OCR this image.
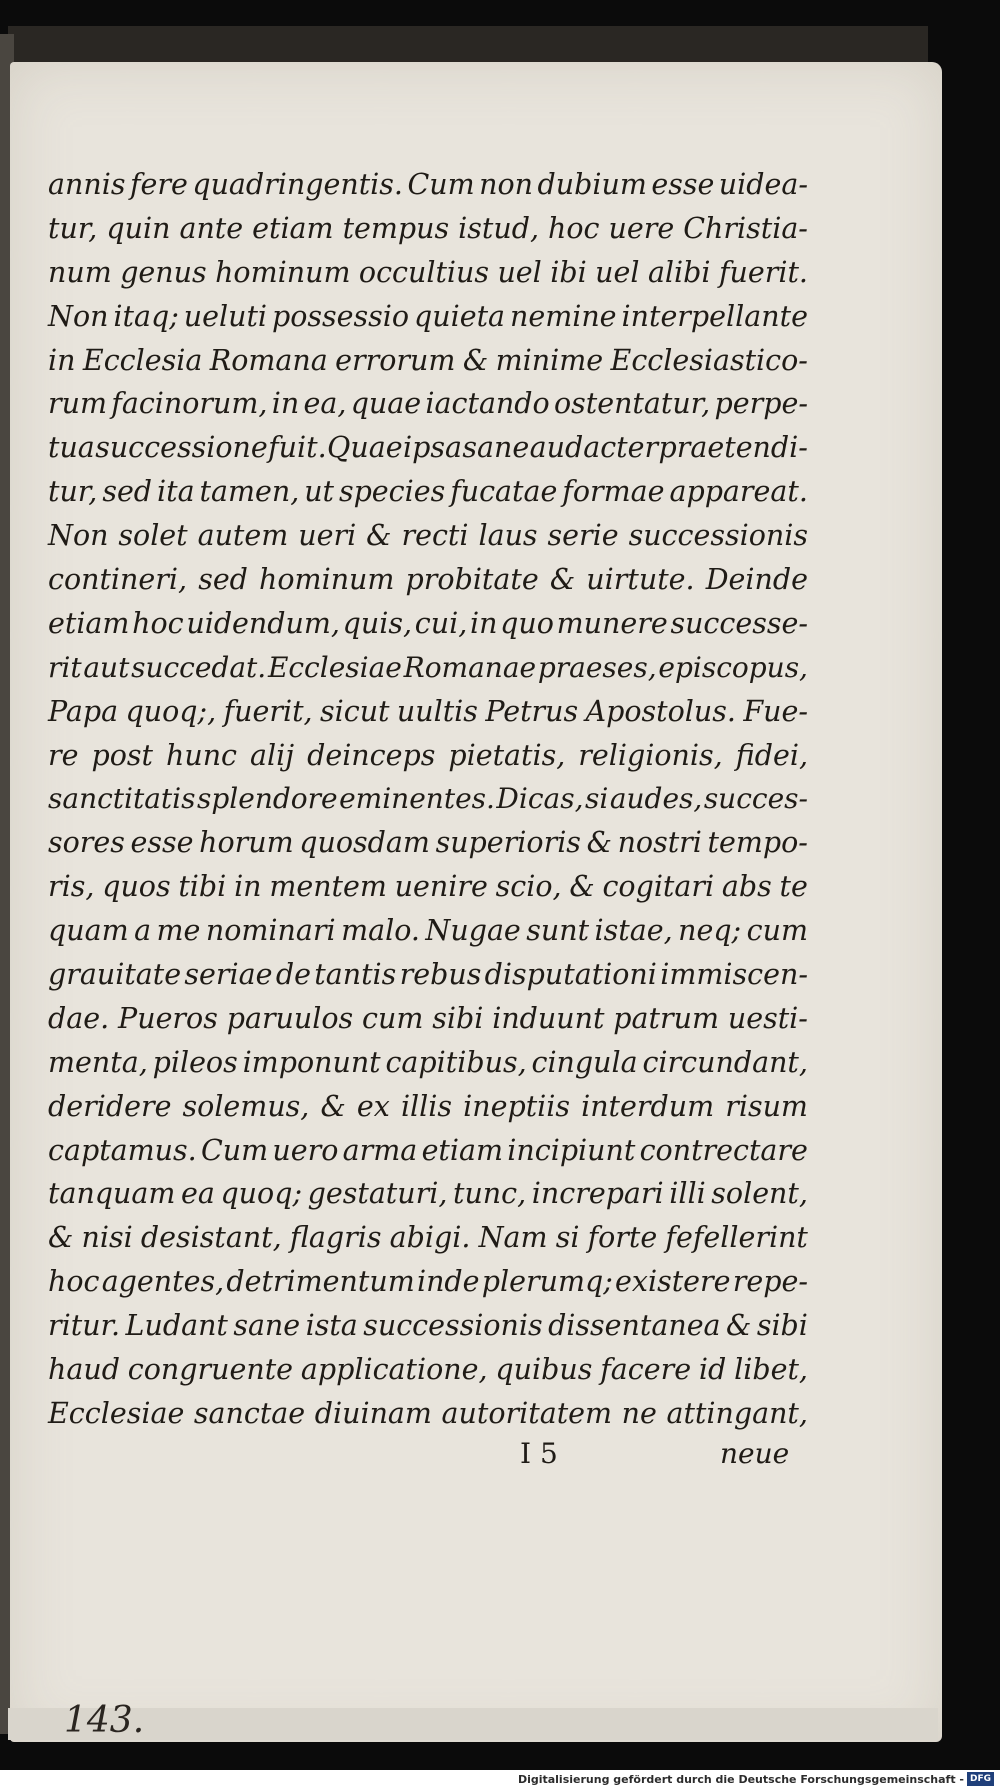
143.
annis fere quadringentis. Cum non dubium esse uidea-
tur, quin ante etiam tempus istud, hoc uere Christia-
num genus hominum occultius uel ibi uel alibi fuerit.
Non itaq; ueluti possessio quieta nemine interpellante
in Ecclesia Romana errorum & minime Ecclesiastico-
rum facinorum, in ea, quae iactando ostentatur, perpe-
tua successione fuit. Quae ipsa sane audacter praetendi-
tur, sed ita tamen, ut species fucatae formae appareat.
Non solet autem ueri & recti laus serie successionis
contineri, sed hominum probitate & uirtute. Deinde
etiam hoc uidendum, quis, cui, in quo munere successe-
rit aut succedat. Ecclesiae Romanae praeses, episcopus,
Papa quoq;, fuerit, sicut uultis Petrus Apostolus. Fue-
re post hunc alij deinceps pietatis, religionis, fidei,
sanctitatis splendore eminentes. Dicas, si audes, succes-
sores esse horum quosdam superioris & nostri tempo-
ris, quos tibi in mentem uenire scio, & cogitari abs te
quam a me nominari malo. Nugae sunt istae, neq; cum
grauitate seriae de tantis rebus disputationi immiscen-
dae. Pueros paruulos cum sibi induunt patrum uesti-
menta, pileos imponunt capitibus, cingula circundant,
deridere solemus, & ex illis ineptiis interdum risum
captamus. Cum uero arma etiam incipiunt contrectare
tanquam ea quoq; gestaturi, tunc, increpari illi solent,
& nisi desistant, flagris abigi. Nam si forte fefellerint
hoc agentes, detrimentum inde plerumq; existere repe-
ritur. Ludant sane ista successionis dissentanea & sibi
haud congruente applicatione, quibus facere id libet,
Ecclesiae sanctae diuinam autoritatem ne attingant,
I 5	neue
Digitalisierung gefördert durch die Deutsche Forschungsgemeinschaft - DFG
